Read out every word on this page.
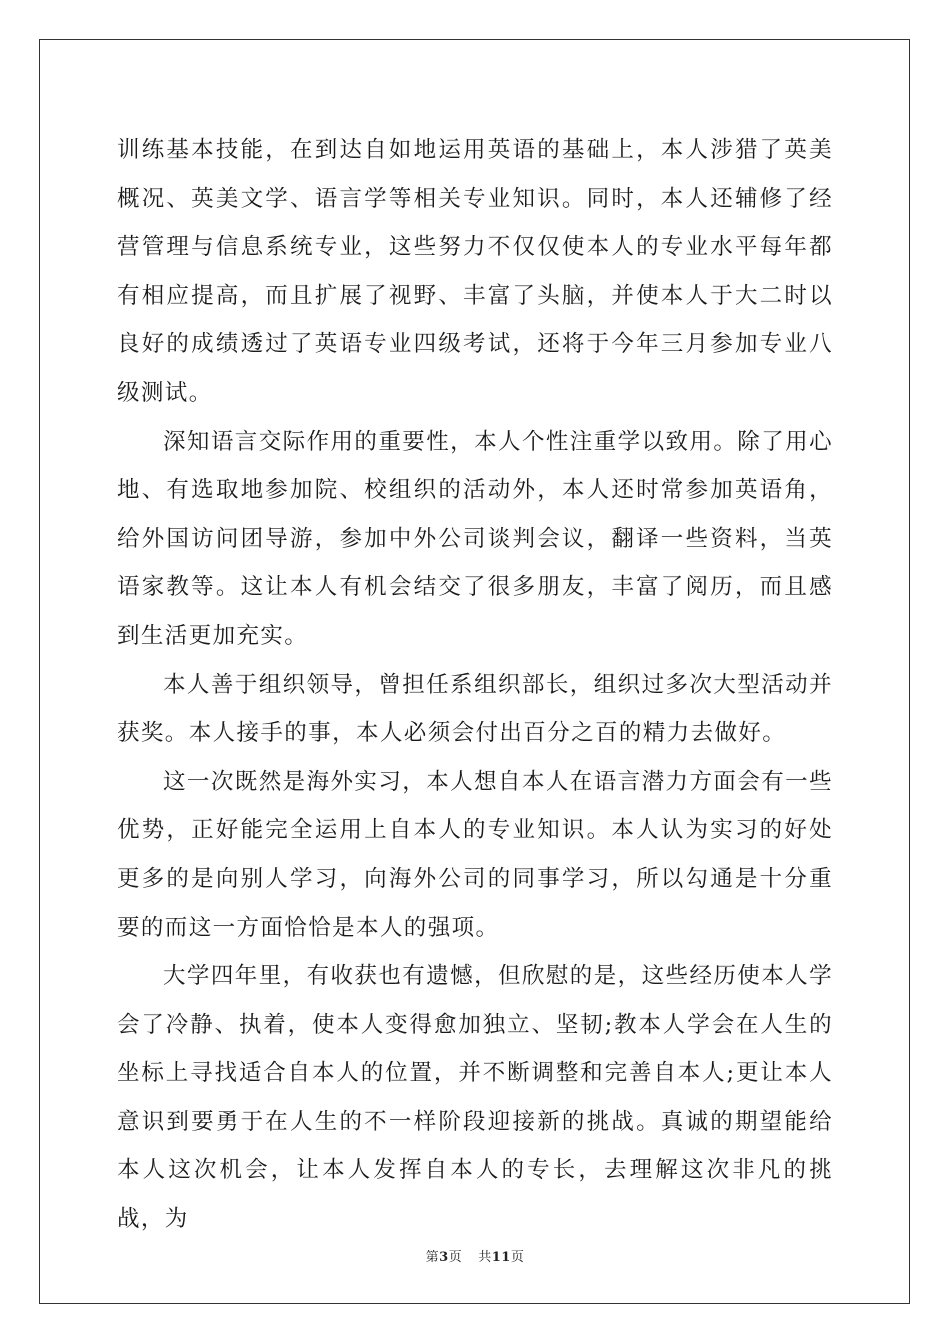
训练基本技能，在到达自如地运用英语的基础上，本人涉猎了英美概况、英美文学、语言学等相关专业知识。同时，本人还辅修了经营管理与信息系统专业，这些努力不仅仅使本人的专业水平每年都有相应提高，而且扩展了视野、丰富了头脑，并使本人于大二时以良好的成绩透过了英语专业四级考试，还将于今年三月参加专业八级测试。

深知语言交际作用的重要性，本人个性注重学以致用。除了用心地、有选取地参加院、校组织的活动外，本人还时常参加英语角，给外国访问团导游，参加中外公司谈判会议，翻译一些资料，当英语家教等。这让本人有机会结交了很多朋友，丰富了阅历，而且感到生活更加充实。

本人善于组织领导，曾担任系组织部长，组织过多次大型活动并获奖。本人接手的事，本人必须会付出百分之百的精力去做好。

这一次既然是海外实习，本人想自本人在语言潜力方面会有一些优势，正好能完全运用上自本人的专业知识。本人认为实习的好处更多的是向别人学习，向海外公司的同事学习，所以勾通是十分重要的而这一方面恰恰是本人的强项。

大学四年里，有收获也有遗憾，但欣慰的是，这些经历使本人学会了冷静、执着，使本人变得愈加独立、坚韧;教本人学会在人生的坐标上寻找适合自本人的位置，并不断调整和完善自本人;更让本人意识到要勇于在人生的不一样阶段迎接新的挑战。真诚的期望能给本人这次机会，让本人发挥自本人的专长，去理解这次非凡的挑战，为

第3页 共11页
